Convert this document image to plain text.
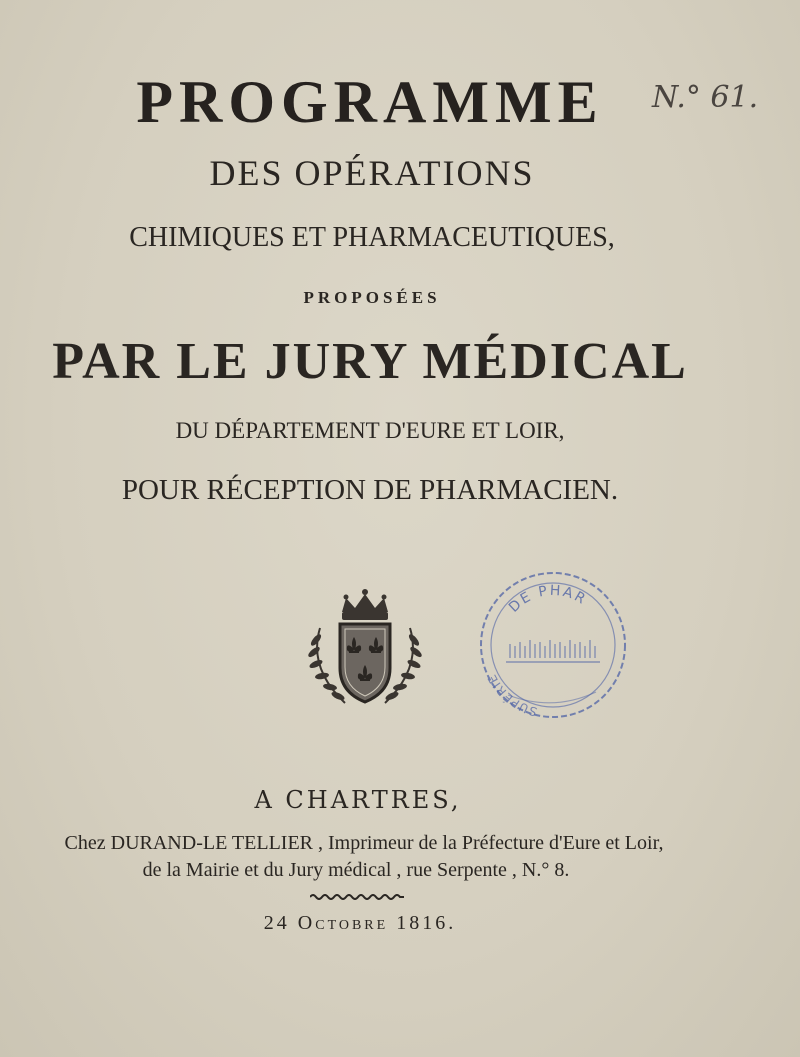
N.° 61.
PROGRAMME
DES OPÉRATIONS
CHIMIQUES ET PHARMACEUTIQUES,
PROPOSÉES
PAR LE JURY MÉDICAL
DU DÉPARTEMENT D'EURE ET LOIR,
POUR RÉCEPTION DE PHARMACIEN.
DE PHAR
SUPÉRIE
A CHARTRES,
Chez DURAND-LE TELLIER , Imprimeur de la Préfecture d'Eure et Loir,
de la Mairie et du Jury médical , rue Serpente , N.° 8.
24 Octobre 1816.
